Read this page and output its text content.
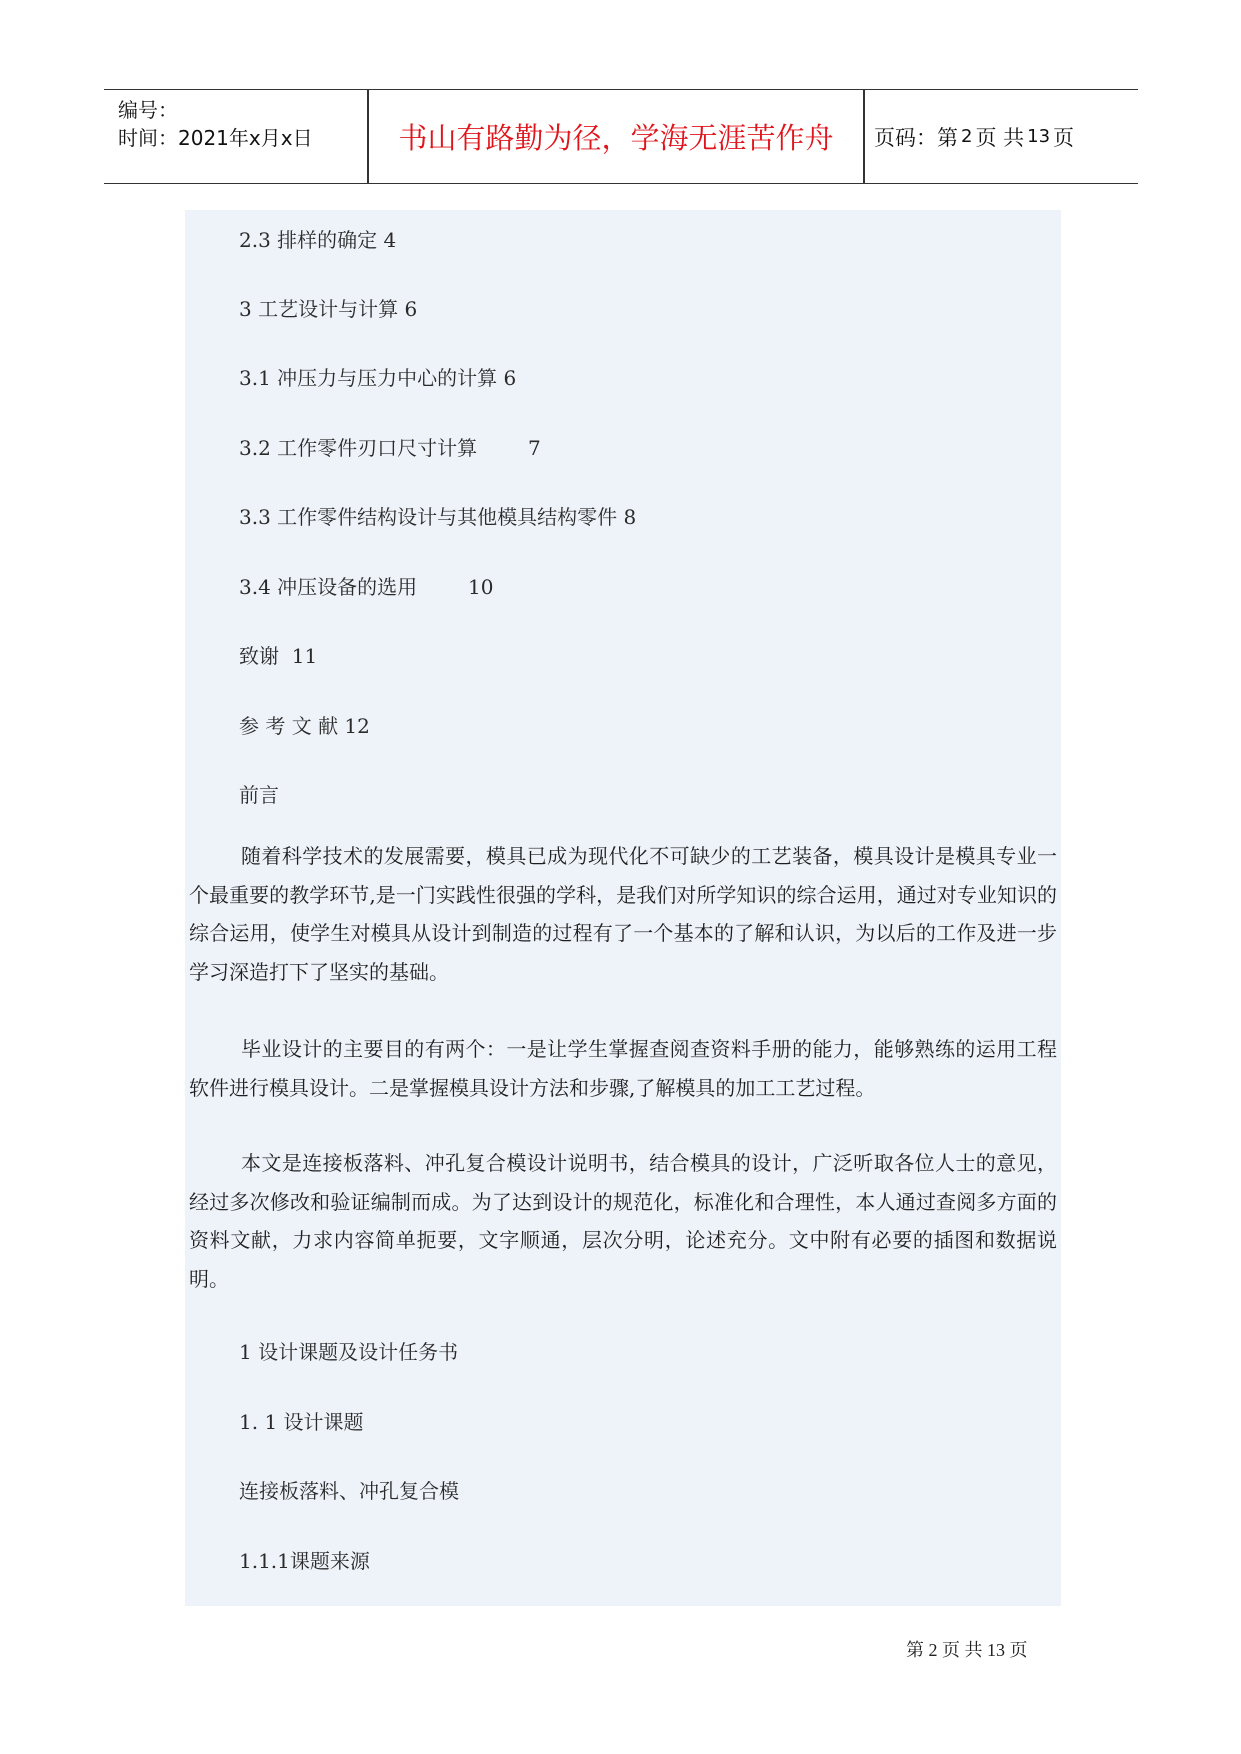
编号：
时间：2021年x月x日	书山有路勤为径，学海无涯苦作舟	页码：第 2 页 共 13 页
2.3 排样的确定 4
3 工艺设计与计算 6
3.1 冲压力与压力中心的计算 6
3.2 工作零件刃口尺寸计算        7
3.3 工作零件结构设计与其他模具结构零件 8
3.4 冲压设备的选用        10
致谢  11
参 考 文 献 12
前言
随着科学技术的发展需要，模具已成为现代化不可缺少的工艺装备，模具设计是模具专业一个最重要的教学环节,是一门实践性很强的学科，是我们对所学知识的综合运用，通过对专业知识的综合运用，使学生对模具从设计到制造的过程有了一个基本的了解和认识，为以后的工作及进一步学习深造打下了坚实的基础。
毕业设计的主要目的有两个：一是让学生掌握查阅查资料手册的能力，能够熟练的运用工程软件进行模具设计。二是掌握模具设计方法和步骤,了解模具的加工工艺过程。
本文是连接板落料、冲孔复合模设计说明书，结合模具的设计，广泛听取各位人士的意见，经过多次修改和验证编制而成。为了达到设计的规范化，标准化和合理性，本人通过查阅多方面的资料文献，力求内容简单扼要，文字顺通，层次分明，论述充分。文中附有必要的插图和数据说明。
1 设计课题及设计任务书
1. 1 设计课题
连接板落料、冲孔复合模
1.1.1课题来源
第 2 页 共 13 页
